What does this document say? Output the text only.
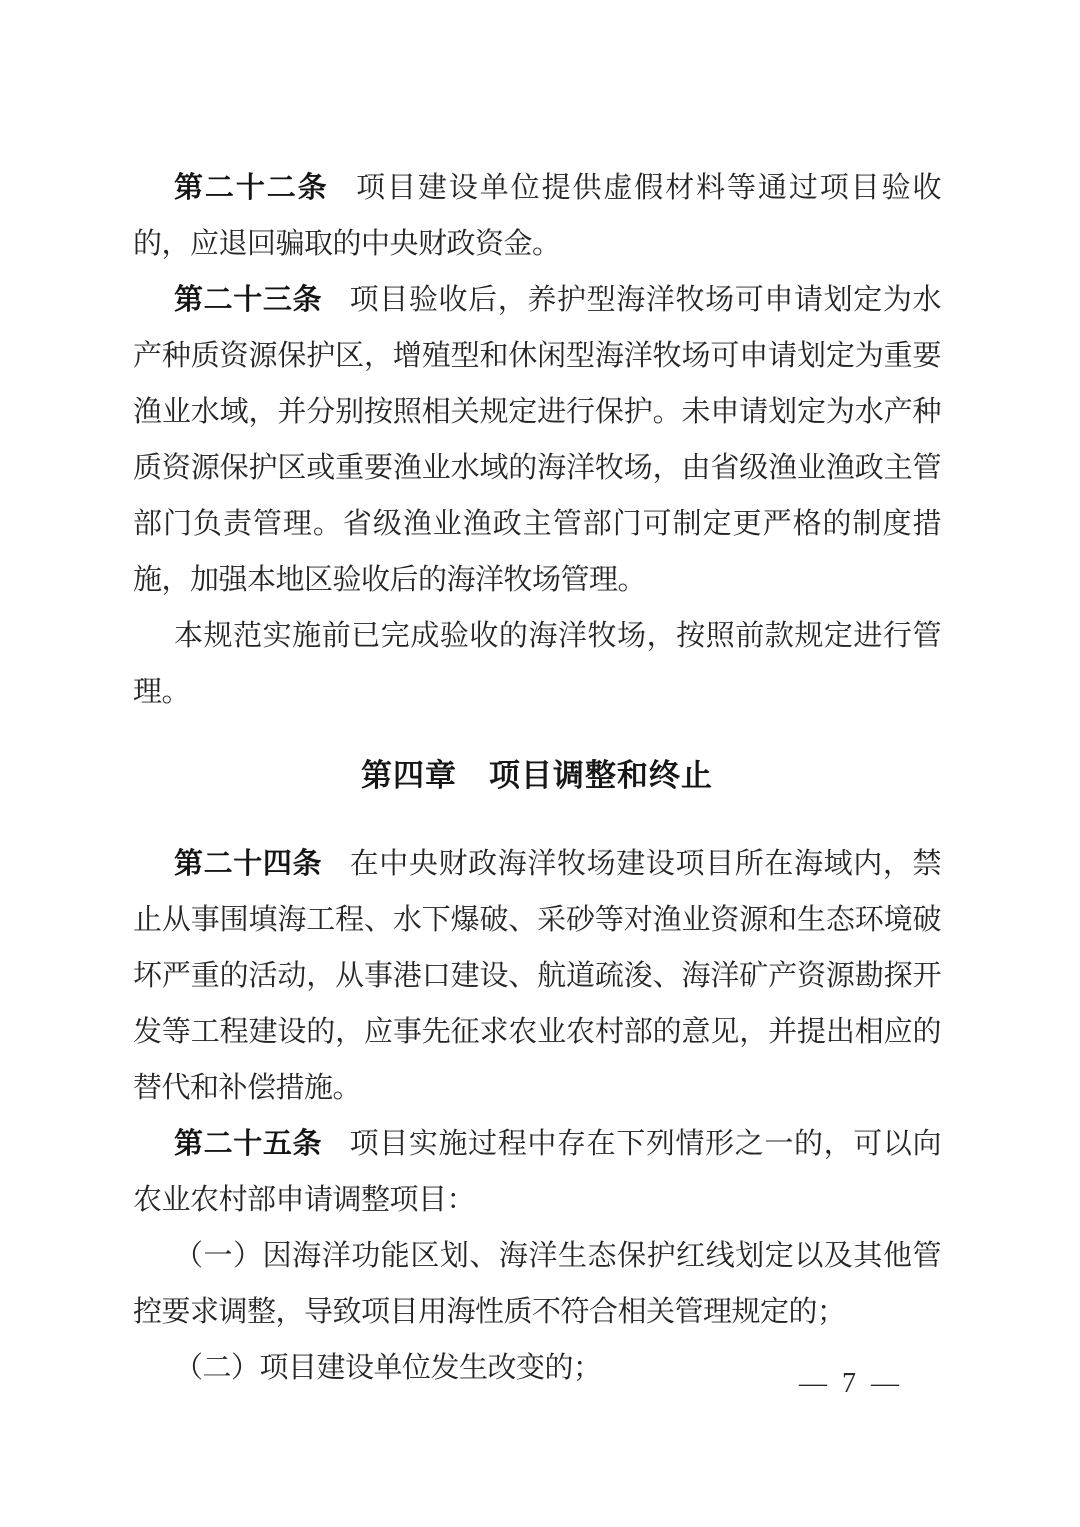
第二十二条 项目建设单位提供虚假材料等通过项目验收的，应退回骗取的中央财政资金。

第二十三条 项目验收后，养护型海洋牧场可申请划定为水产种质资源保护区，增殖型和休闲型海洋牧场可申请划定为重要渔业水域，并分别按照相关规定进行保护。未申请划定为水产种质资源保护区或重要渔业水域的海洋牧场，由省级渔业渔政主管部门负责管理。省级渔业渔政主管部门可制定更严格的制度措施，加强本地区验收后的海洋牧场管理。

本规范实施前已完成验收的海洋牧场，按照前款规定进行管理。

第四章　项目调整和终止

第二十四条 在中央财政海洋牧场建设项目所在海域内，禁止从事围填海工程、水下爆破、采砂等对渔业资源和生态环境破坏严重的活动，从事港口建设、航道疏浚、海洋矿产资源勘探开发等工程建设的，应事先征求农业农村部的意见，并提出相应的替代和补偿措施。

第二十五条 项目实施过程中存在下列情形之一的，可以向农业农村部申请调整项目：

（一）因海洋功能区划、海洋生态保护红线划定以及其他管控要求调整，导致项目用海性质不符合相关管理规定的；

（二）项目建设单位发生改变的；	— 7 —
